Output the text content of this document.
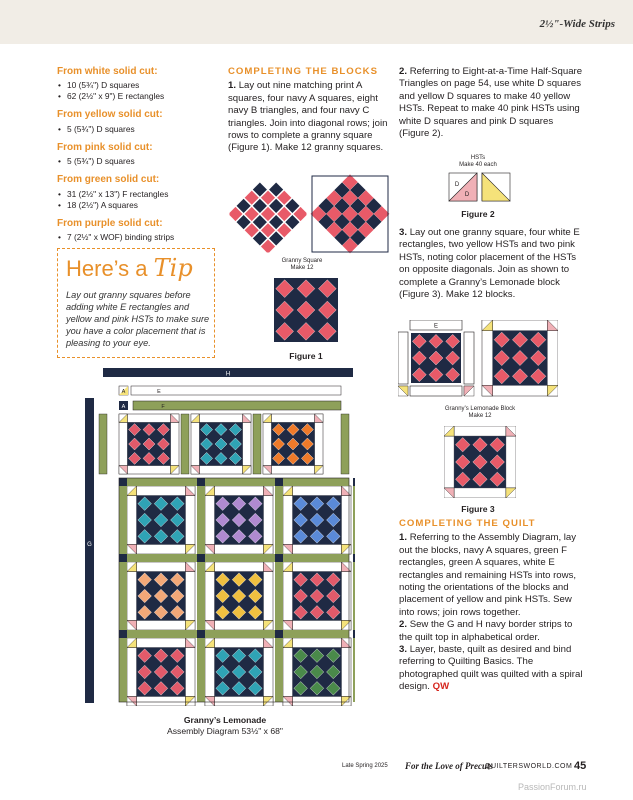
2½"-Wide Strips
From white solid cut:
• 10 (5¾") D squares
• 62 (2½" x 9") E rectangles
From yellow solid cut:
• 5 (5¾") D squares
From pink solid cut:
• 5 (5¾") D squares
From green solid cut:
• 31 (2½" x 13") F rectangles
• 18 (2½") A squares
From purple solid cut:
• 7 (2½" x WOF) binding strips
Here’s a Tip
Lay out granny squares before adding white E rectangles and yellow and pink HSTs to make sure you have a color placement that is pleasing to your eye.
COMPLETING THE BLOCKS
1. Lay out nine matching print A squares, four navy A squares, eight navy B triangles, and four navy C triangles. Join into diagonal rows; join rows to complete a granny square (Figure 1). Make 12 granny squares.
2. Referring to Eight-at-a-Time Half-Square Triangles on page 54, use white D squares and yellow D squares to make 40 yellow HSTs. Repeat to make 40 pink HSTs using white D squares and pink D squares (Figure 2).
3. Lay out one granny square, four white E rectangles, two yellow HSTs and two pink HSTs, noting color placement of the HSTs on opposite diagonals. Join as shown to complete a Granny’s Lemonade block (Figure 3). Make 12 blocks.
COMPLETING THE QUILT
1. Referring to the Assembly Diagram, lay out the blocks, navy A squares, green F rectangles, green A squares, white E rectangles and remaining HSTs into rows, noting the orientations of the blocks and placement of yellow and pink HSTs. Sew into rows; join rows together.
2. Sew the G and H navy border strips to the quilt top in alphabetical order.
3. Layer, baste, quilt as desired and bind referring to Quilting Basics. The photographed quilt was quilted with a spiral design. QW
A
B
C
Granny Square
Make 12
Figure 1
HSTs
Make 40 each
D
D
Figure 2
E
Granny’s Lemonade Block
Make 12
Figure 3
H
A	E
A	F
G
Granny’s Lemonade
Assembly Diagram 53½" x 68"
Late Spring 2025 For the Love of Precuts
QUILTERSWORLD.COM 45
PassionForum.ru
